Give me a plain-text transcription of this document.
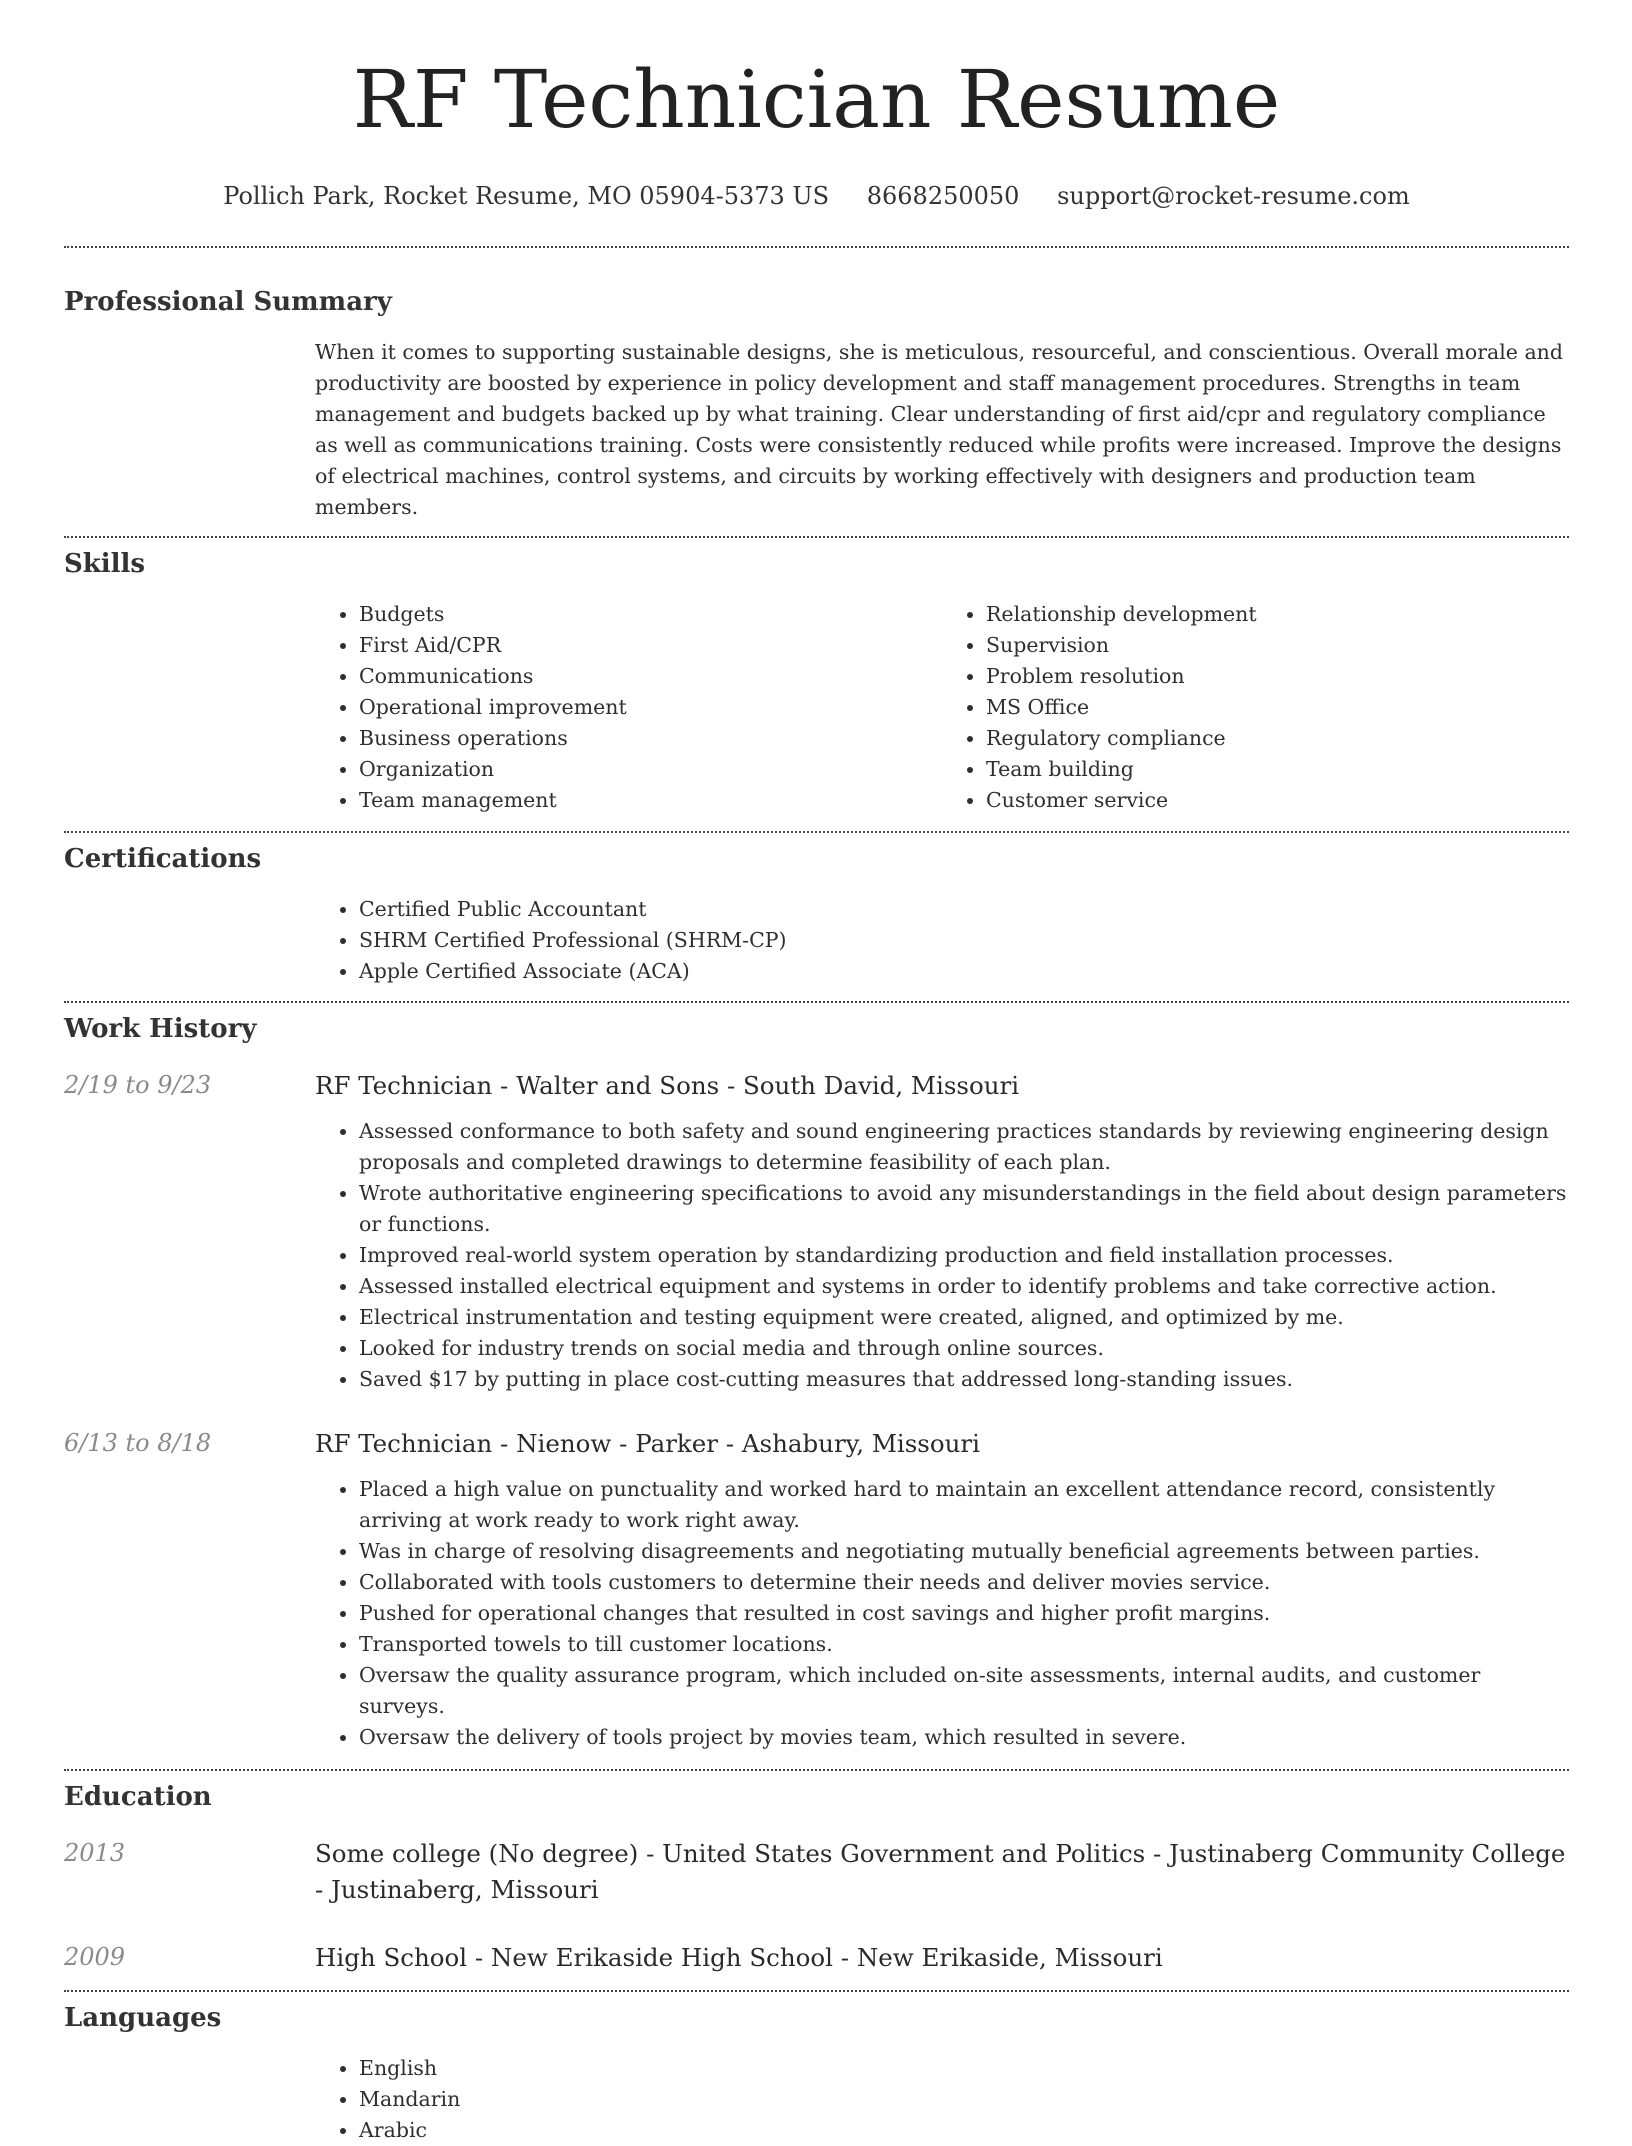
RF Technician Resume
Pollich Park, Rocket Resume, MO 05904-5373 US 8668250050 support@rocket-resume.com
Professional Summary

When it comes to supporting sustainable designs, she is meticulous, resourceful, and conscientious. Overall morale and productivity are boosted by experience in policy development and staff management procedures. Strengths in team management and budgets backed up by what training. Clear understanding of first aid/cpr and regulatory compliance as well as communications training. Costs were consistently reduced while profits were increased. Improve the designs of electrical machines, control systems, and circuits by working effectively with designers and production team members.

Skills
• Budgets
• First Aid/CPR
• Communications
• Operational improvement
• Business operations
• Organization
• Team management
• Relationship development
• Supervision
• Problem resolution
• MS Office
• Regulatory compliance
• Team building
• Customer service
Certifications
• Certified Public Accountant
• SHRM Certified Professional (SHRM-CP)
• Apple Certified Associate (ACA)
Work History
2/19 to 9/23	RF Technician - Walter and Sons - South David, Missouri
• Assessed conformance to both safety and sound engineering practices standards by reviewing engineering design proposals and completed drawings to determine feasibility of each plan.
• Wrote authoritative engineering specifications to avoid any misunderstandings in the field about design parameters or functions.
• Improved real-world system operation by standardizing production and field installation processes.
• Assessed installed electrical equipment and systems in order to identify problems and take corrective action.
• Electrical instrumentation and testing equipment were created, aligned, and optimized by me.
• Looked for industry trends on social media and through online sources.
• Saved $17 by putting in place cost-cutting measures that addressed long-standing issues.
6/13 to 8/18	RF Technician - Nienow - Parker - Ashabury, Missouri
• Placed a high value on punctuality and worked hard to maintain an excellent attendance record, consistently arriving at work ready to work right away.
• Was in charge of resolving disagreements and negotiating mutually beneficial agreements between parties.
• Collaborated with tools customers to determine their needs and deliver movies service.
• Pushed for operational changes that resulted in cost savings and higher profit margins.
• Transported towels to till customer locations.
• Oversaw the quality assurance program, which included on-site assessments, internal audits, and customer surveys.
• Oversaw the delivery of tools project by movies team, which resulted in severe.
Education
2013	Some college (No degree) - United States Government and Politics - Justinaberg Community College - Justinaberg, Missouri
2009	High School - New Erikaside High School - New Erikaside, Missouri
Languages
• English
• Mandarin
• Arabic
